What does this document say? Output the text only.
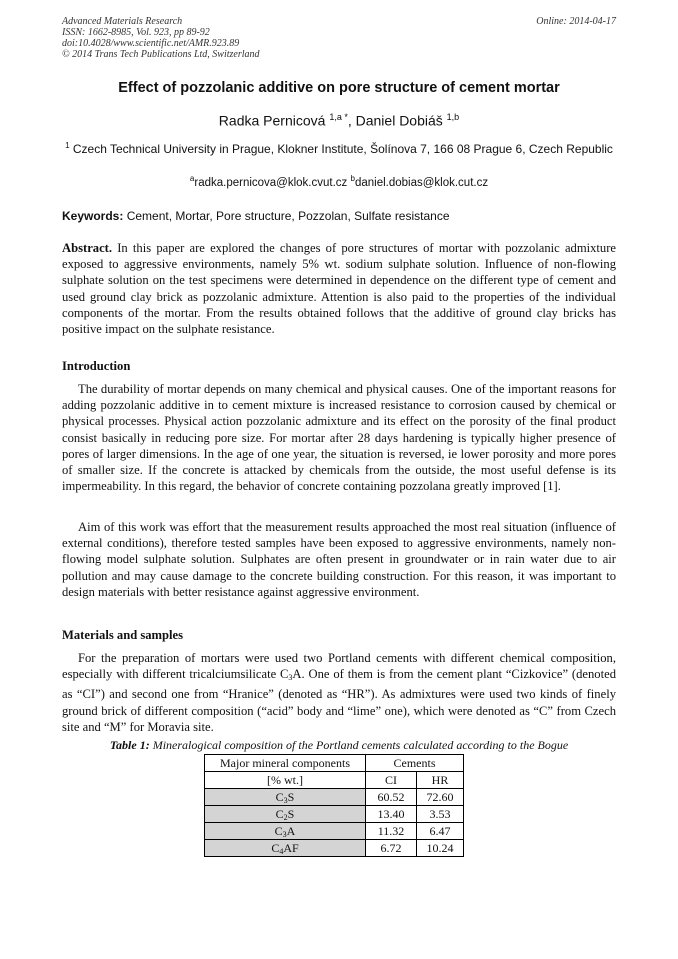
Advanced Materials Research
ISSN: 1662-8985, Vol. 923, pp 89-92
doi:10.4028/www.scientific.net/AMR.923.89
© 2014 Trans Tech Publications Ltd, Switzerland
Online: 2014-04-17
Effect of pozzolanic additive on pore structure of cement mortar
Radka Pernicová $^{1,a *}$, Daniel Dobiáš $^{1,b}$
$^1$ Czech Technical University in Prague, Klokner Institute, Šolínova 7, 166 08 Prague 6, Czech Republic
$^a$radka.pernicova@klok.cvut.cz $^b$daniel.dobias@klok.cut.cz
Keywords: Cement, Mortar, Pore structure, Pozzolan, Sulfate resistance
Abstract. In this paper are explored the changes of pore structures of mortar with pozzolanic admixture exposed to aggressive environments, namely 5% wt. sodium sulphate solution. Influence of non-flowing sulphate solution on the test specimens were determined in dependence on the different type of cement and used ground clay brick as pozzolanic admixture. Attention is also paid to the properties of the individual components of the mortar. From the results obtained follows that the additive of ground clay bricks has positive impact on the sulphate resistance.
Introduction
The durability of mortar depends on many chemical and physical causes. One of the important reasons for adding pozzolanic additive in to cement mixture is increased resistance to corrosion caused by chemical or physical processes. Physical action pozzolanic admixture and its effect on the porosity of the final product consist basically in reducing pore size. For mortar after 28 days hardening is typically higher presence of pores of larger dimensions. In the age of one year, the situation is reversed, ie lower porosity and more pores of smaller size. If the concrete is attacked by chemicals from the outside, the most useful defense is its impermeability. In this regard, the behavior of concrete containing pozzolana greatly improved [1].
Aim of this work was effort that the measurement results approached the most real situation (influence of external conditions), therefore tested samples have been exposed to aggressive environments, namely non-flowing model sulphate solution. Sulphates are often present in groundwater or in rain water due to air pollution and may cause damage to the concrete building construction. For this reason, it was important to design materials with better resistance against aggressive environment.
Materials and samples
For the preparation of mortars were used two Portland cements with different chemical composition, especially with different tricalciumsilicate $C_3A$. One of them is from the cement plant “Cizkovice” (denoted as “CI”) and second one from “Hranice” (denoted as “HR”). As admixtures were used two kinds of finely ground brick of different composition (“acid” body and “lime” one), which were denoted as “C” from Czech site and “M” for Moravia site.
Table 1: Mineralogical composition of the Portland cements calculated according to the Bogue
Major mineral components	Cements	
[% wt.]	CI	HR
$C_3S$	60.52	72.60
$C_2S$	13.40	3.53
$C_3A$	11.32	6.47
$C_4AF$	6.72	10.24
